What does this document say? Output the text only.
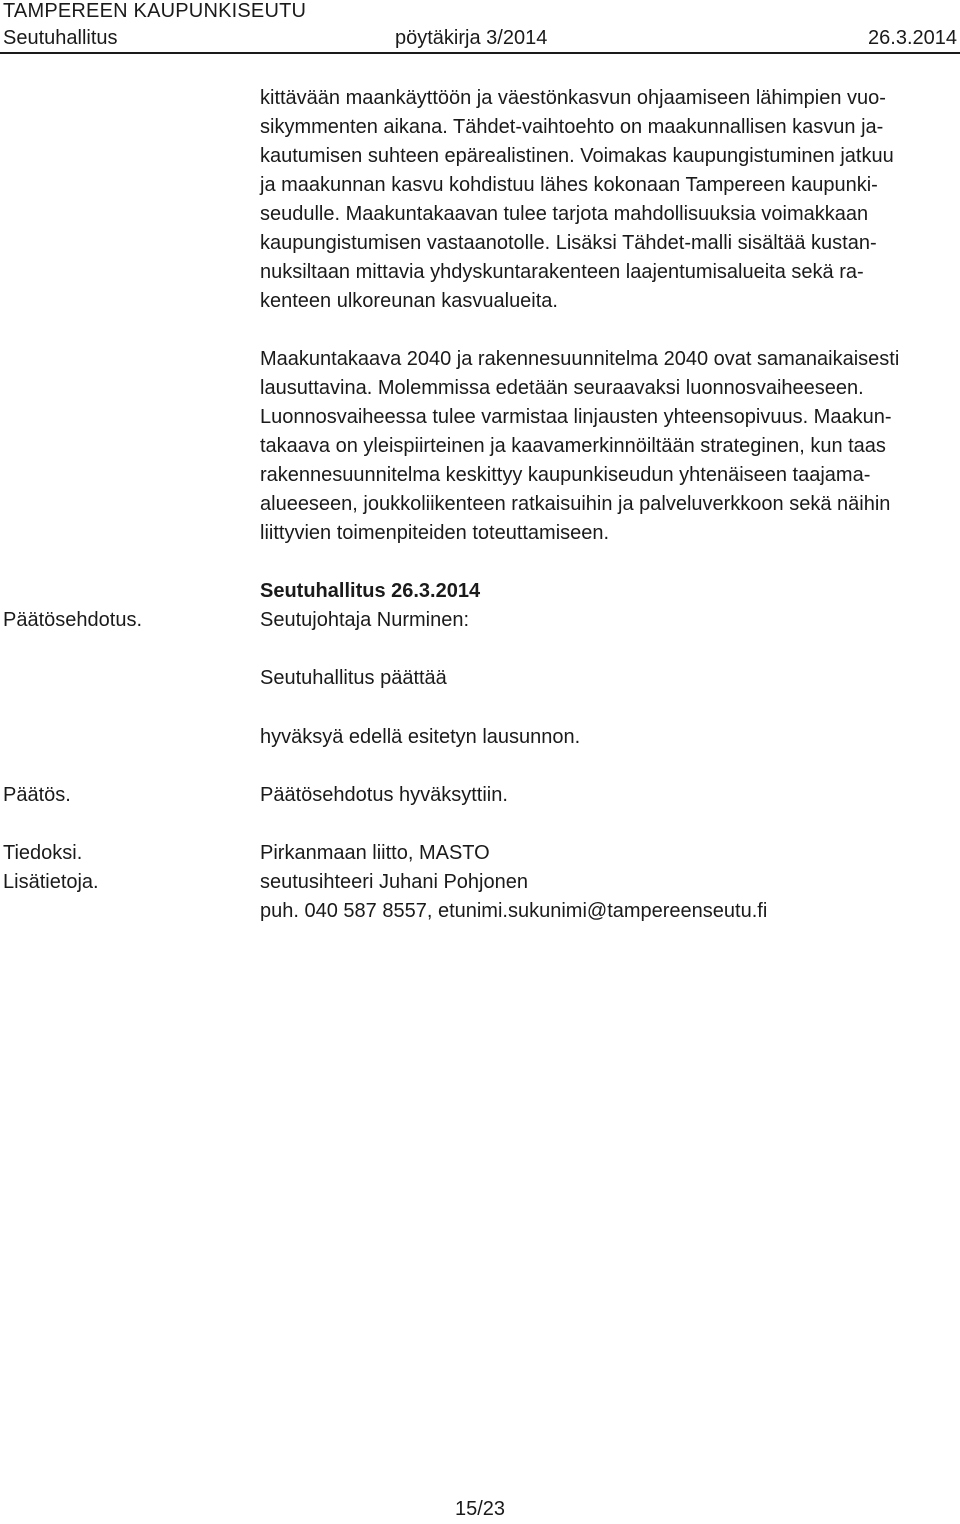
TAMPEREEN KAUPUNKISEUTU
Seutuhallitus	pöytäkirja 3/2014	26.3.2014
kittävään maankäyttöön ja väestönkasvun ohjaamiseen lähimpien vuo-
sikymmenten aikana. Tähdet-vaihtoehto on maakunnallisen kasvun ja-
kautumisen suhteen epärealistinen. Voimakas kaupungistuminen jatkuu
ja maakunnan kasvu kohdistuu lähes kokonaan Tampereen kaupunki-
seudulle. Maakuntakaavan tulee tarjota mahdollisuuksia voimakkaan
kaupungistumisen vastaanotolle. Lisäksi Tähdet-malli sisältää kustan-
nuksiltaan mittavia yhdyskuntarakenteen laajentumisalueita sekä ra-
kenteen ulkoreunan kasvualueita.
Maakuntakaava 2040 ja rakennesuunnitelma 2040 ovat samanaikaisesti
lausuttavina. Molemmissa edetään seuraavaksi luonnosvaiheeseen.
Luonnosvaiheessa tulee varmistaa linjausten yhteensopivuus. Maakun-
takaava on yleispiirteinen ja kaavamerkinnöiltään strateginen, kun taas
rakennesuunnitelma keskittyy kaupunkiseudun yhtenäiseen taajama-
alueeseen, joukkoliikenteen ratkaisuihin ja palveluverkkoon sekä näihin
liittyvien toimenpiteiden toteuttamiseen.
Seutuhallitus 26.3.2014
Päätösehdotus.	Seutujohtaja Nurminen:
Seutuhallitus päättää
hyväksyä edellä esitetyn lausunnon.
Päätös.	Päätösehdotus hyväksyttiin.
Tiedoksi.	Pirkanmaan liitto, MASTO
Lisätietoja.	seutusihteeri Juhani Pohjonen
puh. 040 587 8557, etunimi.sukunimi@tampereenseutu.fi
15/23
